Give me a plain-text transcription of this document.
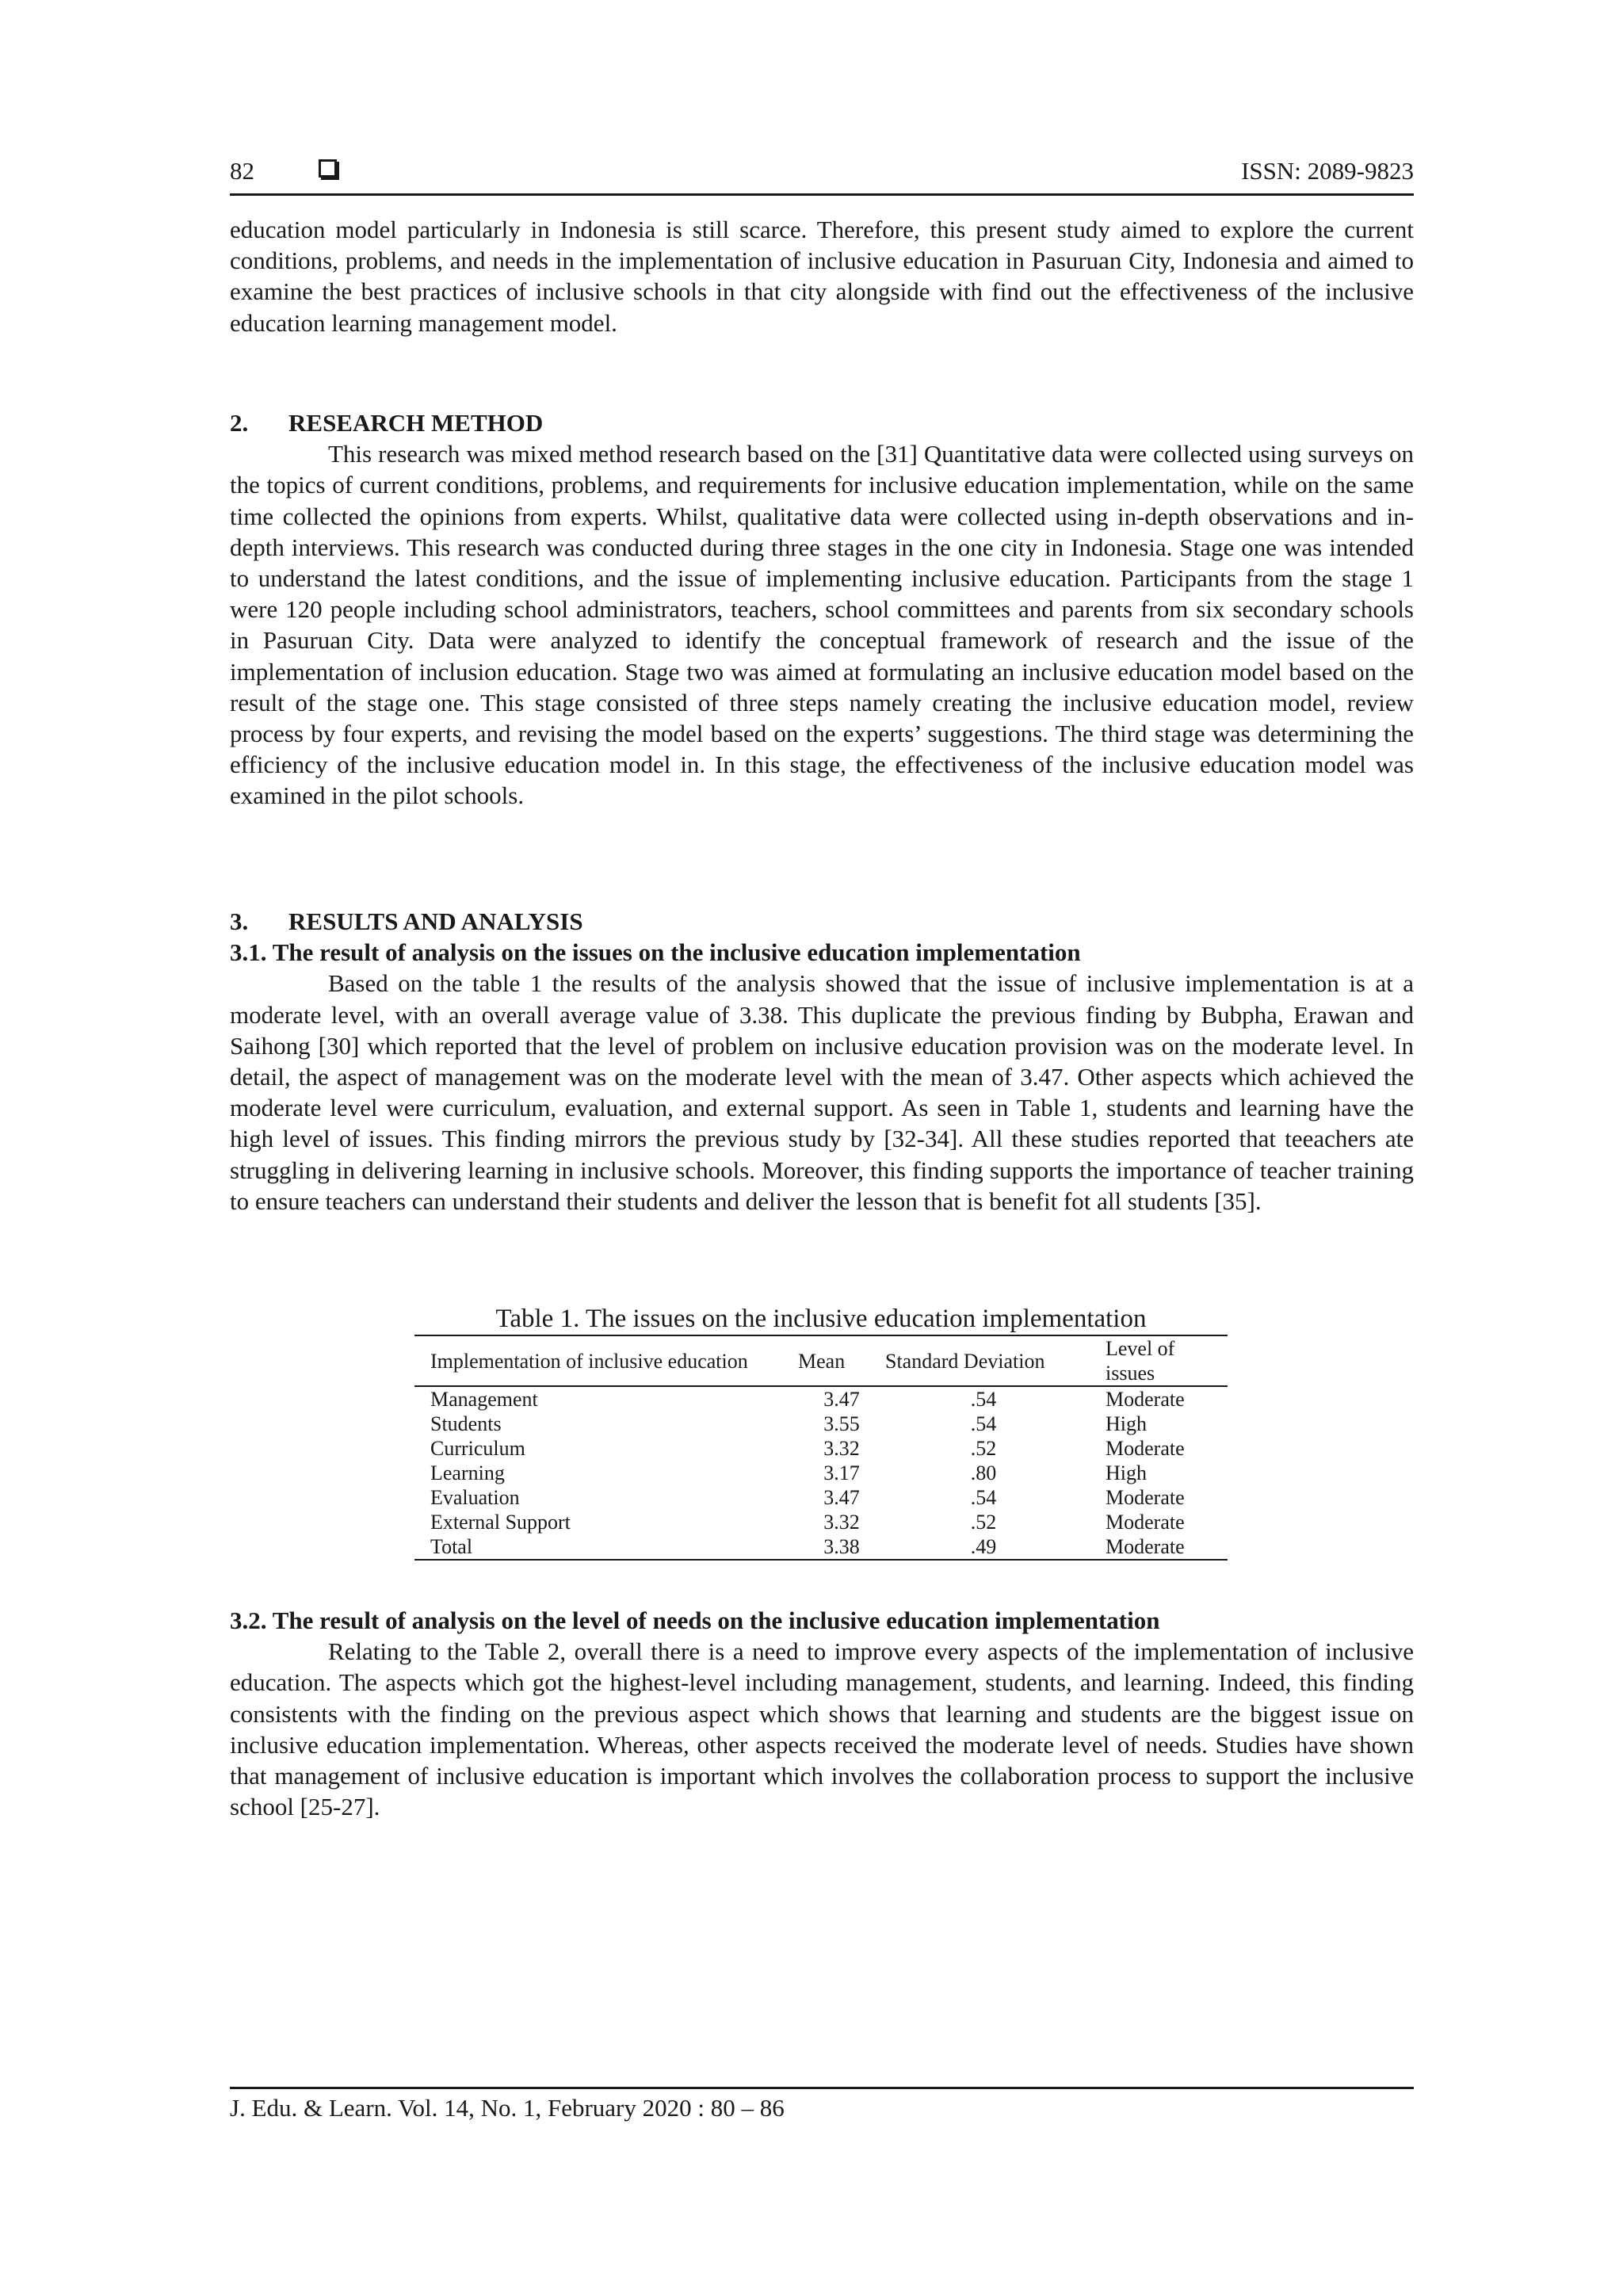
82	ISSN: 2089-9823

education model particularly in Indonesia is still scarce. Therefore, this present study aimed to explore the current conditions, problems, and needs in the implementation of inclusive education in Pasuruan City, Indonesia and aimed to examine the best practices of inclusive schools in that city alongside with find out the effectiveness of the inclusive education learning management model.

2. RESEARCH METHOD

This research was mixed method research based on the [31] Quantitative data were collected using surveys on the topics of current conditions, problems, and requirements for inclusive education implementation, while on the same time collected the opinions from experts. Whilst, qualitative data were collected using in-depth observations and in-depth interviews. This research was conducted during three stages in the one city in Indonesia. Stage one was intended to understand the latest conditions, and the issue of implementing inclusive education. Participants from the stage 1 were 120 people including school administrators, teachers, school committees and parents from six secondary schools in Pasuruan City. Data were analyzed to identify the conceptual framework of research and the issue of the implementation of inclusion education. Stage two was aimed at formulating an inclusive education model based on the result of the stage one. This stage consisted of three steps namely creating the inclusive education model, review process by four experts, and revising the model based on the experts’ suggestions. The third stage was determining the efficiency of the inclusive education model in. In this stage, the effectiveness of the inclusive education model was examined in the pilot schools.

3. RESULTS AND ANALYSIS
3.1. The result of analysis on the issues on the inclusive education implementation

Based on the table 1 the results of the analysis showed that the issue of inclusive implementation is at a moderate level, with an overall average value of 3.38. This duplicate the previous finding by Bubpha, Erawan and Saihong [30] which reported that the level of problem on inclusive education provision was on the moderate level. In detail, the aspect of management was on the moderate level with the mean of 3.47. Other aspects which achieved the moderate level were curriculum, evaluation, and external support. As seen in Table 1, students and learning have the high level of issues. This finding mirrors the previous study by [32-34]. All these studies reported that teeachers ate struggling in delivering learning in inclusive schools. Moreover, this finding supports the importance of teacher training to ensure teachers can understand their students and deliver the lesson that is benefit fot all students [35].

Table 1. The issues on the inclusive education implementation
Implementation of inclusive education	Mean	Standard Deviation	Level of issues
Management	3.47	.54	Moderate
Students	3.55	.54	High
Curriculum	3.32	.52	Moderate
Learning	3.17	.80	High
Evaluation	3.47	.54	Moderate
External Support	3.32	.52	Moderate
Total	3.38	.49	Moderate
3.2. The result of analysis on the level of needs on the inclusive education implementation

Relating to the Table 2, overall there is a need to improve every aspects of the implementation of inclusive education. The aspects which got the highest-level including management, students, and learning. Indeed, this finding consistents with the finding on the previous aspect which shows that learning and students are the biggest issue on inclusive education implementation. Whereas, other aspects received the moderate level of needs. Studies have shown that management of inclusive education is important which involves the collaboration process to support the inclusive school [25-27].

J. Edu. & Learn. Vol. 14, No. 1, February 2020 : 80 – 86
